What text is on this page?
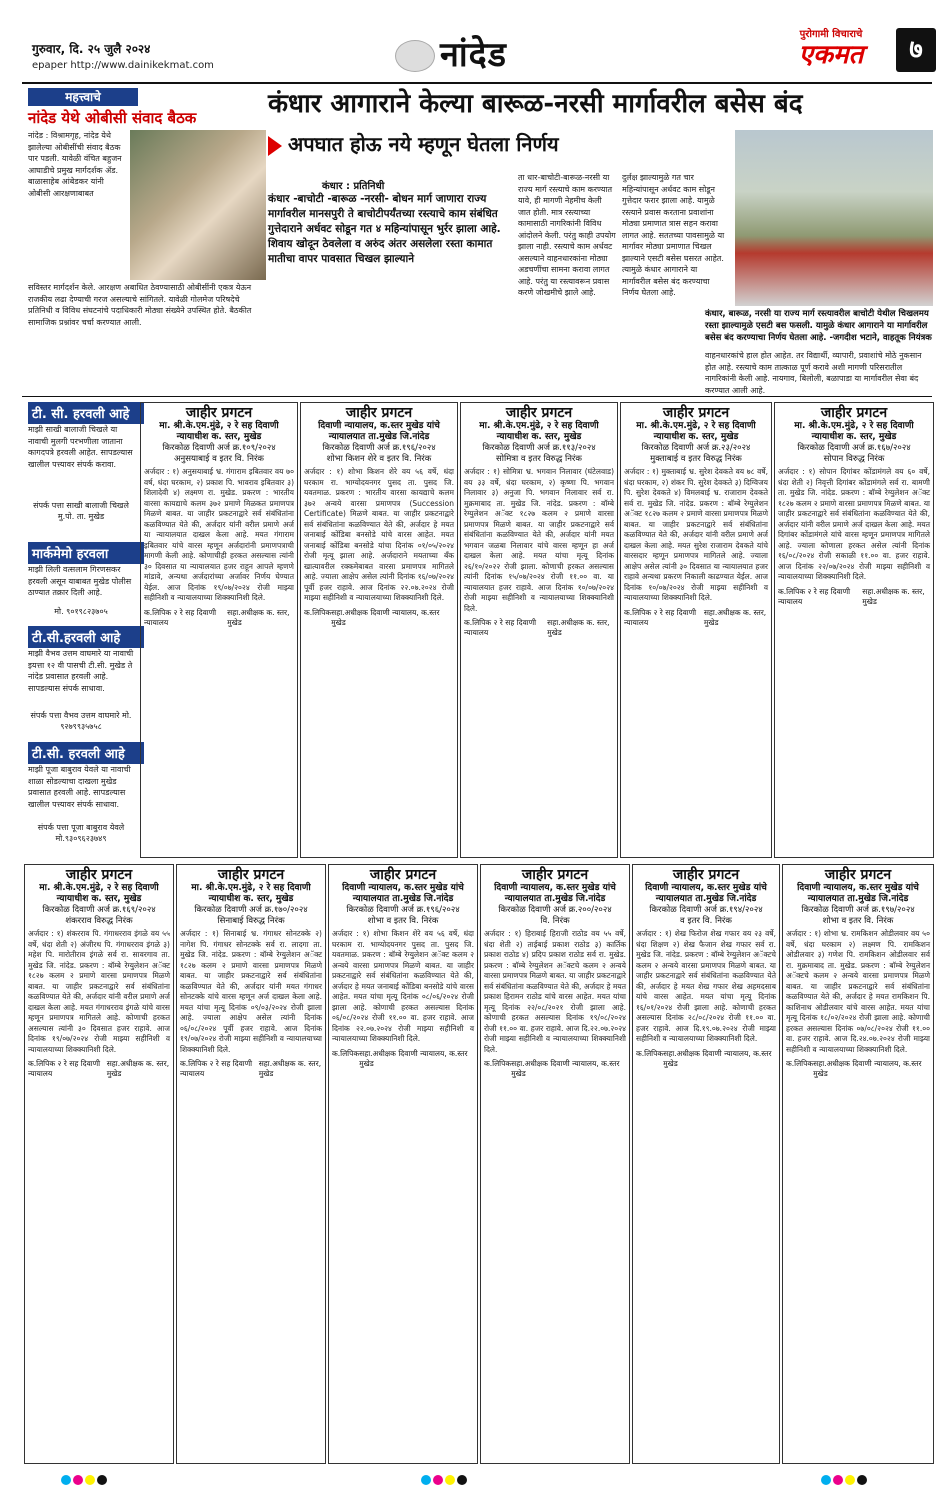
गुरुवार, दि. २५ जुलै २०२४
epaper http://www.dainikekmat.com	नांदेड
पुरोगामी विचाराचे
एकमत	७
महत्त्वाचे
नांदेड येथे ओबीसी संवाद बैठक
नांदेड : विश्रामगृह, नांदेड येथे झालेल्या ओबीसींची संवाद बैठक पार पडली. यावेळी वंचित बहुजन आघाडीचे प्रमुख मार्गदर्शक ॲड. बाळासाहेब आंबेडकर यांनी ओबीसी आरक्षणाबाबत
सविस्तर मार्गदर्शन केले. आरक्षण अबाधित ठेवण्यासाठी ओबीसींनी एकत्र येऊन राजकीय लढा देण्याची गरज असल्याचे सांगितले. यावेळी गोलमेज परिषदेचे प्रतिनिधी व विविध संघटनांचे पदाधिकारी मोठ्या संख्येने उपस्थित होते. बैठकीत सामाजिक प्रश्नांवर चर्चा करण्यात आली.
कंधार आगाराने केल्या बारूळ-नरसी मार्गावरील बसेस बंद
अपघात होऊ नये म्हणून घेतला निर्णय
कंधार : प्रतिनिधी
कंधार -बाचोटी -बारूळ -नरसी- बोधन मार्ग जाणारा राज्य मार्गावरील मानसपुरी ते बाचोटीपर्यंतच्या रस्त्याचे काम संबंधित गुत्तेदाराने अर्धवट सोडून गत ४ महिन्यांपासून भुर्रर झाला आहे. शिवाय खोदून ठेवलेला व अरुंद अंतर असलेला रस्ता कामात मातीचा वापर पावसात चिखल झाल्याने
ता धार-बाचोटी-बारूळ-नरसी या राज्य मार्ग रस्त्याचे काम करण्यात यावे, ही मागणी नेहमीच केली जात होती. मात्र रस्त्याच्या कामासाठी नागरिकांनी विविध आंदोलने केली. परंतु काही उपयोग झाला नाही. रस्त्याचे काम अर्धवट असल्याने वाहनधारकांना मोठ्या अडचणींचा सामना करावा लागत आहे. परंतु या रस्त्यावरून प्रवास करणे जोखमीचे झाले आहे.
दुर्लक्ष झाल्यामुळे गत चार महिन्यांपासून अर्धवट काम सोडून गुत्तेदार फरार झाला आहे. यामुळे रस्त्याने प्रवास करताना प्रवाशांना मोठ्या प्रमाणात त्रास सहन करावा लागत आहे. सततच्या पावसामुळे या मार्गावर मोठ्या प्रमाणात चिखल झाल्याने एसटी बसेस घसरत आहेत. त्यामुळे कंधार आगाराने या मार्गावरील बसेस बंद करण्याचा निर्णय घेतला आहे.
वाहनधारकांचे हाल होत आहेत. तर विद्यार्थी, व्यापारी, प्रवाशांचे मोठे नुकसान होत आहे. रस्त्याचे काम तात्काळ पूर्ण करावे अशी मागणी परिसरातील नागरिकांनी केली आहे. नायगाव, बिलोली, बळापाडा या मार्गावरील सेवा बंद करण्यात आली आहे.
कंधार, बारूळ, नरसी या राज्य मार्ग रस्त्यावरील बाचोटी येथील चिखलमय रस्ता झाल्यामुळे एसटी बस फसली. यामुळे कंधार आगाराने या मार्गावरील बसेस बंद करण्याचा निर्णय घेतला आहे. -जगदीश भटाने, वाहतूक नियंत्रक
टी. सी. हरवली आहे
माझी साखी बालाजी चिखले या नावाची मुलगी परभणीला जाताना कागदपत्रे हरवली आहेत. सापडल्यास खालील पत्त्यावर संपर्क करावा.
संपर्क पत्ता साखी बालाजी चिखले मु.पो. ता. मुखेड
मार्कमेमो हरवला
माझी लिली वत्सलाम गिरणसकर हरवली असून याबाबत मुखेड पोलीस ठाण्यात तक्रार दिली आहे.
मो. ९०१९८२३७०५
टी.सी.हरवली आहे
माझी वैभव उत्तम वाघमारे या नावाची इयत्ता १२ वी पासची टी.सी. मुखेड ते नांदेड प्रवासात हरवली आहे. सापडल्यास संपर्क साधावा.
संपर्क पत्ता वैभव उत्तम वाघमारे मो. ९२७९९३५७५८
टी.सी. हरवली आहे
माझी पूजा बाबुराव येवले या नावाची शाळा सोडल्याचा दाखला मुखेड प्रवासात हरवली आहे. सापडल्यास खालील पत्त्यावर संपर्क साधावा.
संपर्क पत्ता पूजा बाबुराव येवले मो.९३०९६२३७४९
जाहीर प्रगटन
मा. श्री.के.एम.मुंढे, २ रे सह दिवाणी न्यायाधीश क. स्तर, मुखेड
किरकोळ दिवाणी अर्ज क्र.१०९/२०२४
अनुसयाबाई व इतर वि. निरंक
अर्जदार : १) अनुसयाबाई भ्र. गंगाराम इबितवार वय ७० वर्ष, धंदा घरकाम, २) प्रकाश पि. भावराव इबितवार ३) शिलादेवी ४) लक्ष्मण रा. मुखेड. प्रकरण : भारतीय वारसा कायद्याचे कलम ३७२ प्रमाणे मिळकत प्रमाणपत्र मिळणे बाबत. या जाहीर प्रकटनाद्वारे सर्व संबंधितांना कळविण्यात येते की, अर्जदार यांनी वरील प्रमाणे अर्ज या न्यायालयात दाखल केला आहे. मयत गंगाराम इबितवार यांचे वारस म्हणून अर्जदारांनी प्रमाणपत्राची मागणी केली आहे. कोणाचीही हरकत असल्यास त्यांनी ३० दिवसात या न्यायालयात हजर राहून आपले म्हणणे मांडावे, अन्यथा अर्जदारांच्या अर्जावर निर्णय घेण्यात येईल. आज दिनांक १९/०७/२०२४ रोजी माझ्या सहीनिशी व न्यायालयाच्या शिक्क्यानिशी दिले.
क.लिपिक २ रे सह दिवाणी न्यायालय
सहा.अधीक्षक क. स्तर, मुखेड
जाहीर प्रगटन
दिवाणी न्यायालय, क.स्तर मुखेड यांचे न्यायालयात ता.मुखेड जि.नांदेड
किरकोळ दिवाणी अर्ज क्र.१९६/२०२४
शोभा किशन शेरे व इतर वि. निरंक
अर्जदार : १) शोभा किशन शेरे वय ५६ वर्षे, धंदा घरकाम रा. भाग्योदयनगर पुसद ता. पुसद जि. यवतमाळ. प्रकरण : भारतीय वारसा कायद्याचे कलम ३७२ अन्वये वारसा प्रमाणपत्र (Succession Certificate) मिळणे बाबत. या जाहीर प्रकटनाद्वारे सर्व संबंधितांना कळविण्यात येते की, अर्जदार हे मयत जनाबाई कोंडिबा बनसोडे यांचे वारस आहेत. मयत जनाबाई कोंडिबा बनसोडे यांचा दिनांक ०१/०५/२०२४ रोजी मृत्यू झाला आहे. अर्जदाराने मयताच्या बँक खात्यावरील रक्कमेबाबत वारसा प्रमाणपत्र मागितले आहे. ज्याला आक्षेप असेल त्यांनी दिनांक १६/०७/२०२४ पूर्वी हजर राहावे. आज दिनांक २२.०७.२०२४ रोजी माझ्या सहीनिशी व न्यायालयाच्या शिक्क्यानिशी दिले.
क.लिपिक सहा.अधीक्षक दिवाणी न्यायालय, क.स्तर मुखेड
जाहीर प्रगटन
मा. श्री.के.एम.मुंढे, २ रे सह दिवाणी न्यायाधीश क. स्तर, मुखेड
किरकोळ दिवाणी अर्ज क्र.११३/२०२४
सोमित्रा व इतर विरुद्ध निरंक
अर्जदार : १) सोमित्रा भ्र. भगवान निलावार (घंटेलवाड) वय ३३ वर्षे, धंदा घरकाम, २) कृष्णा पि. भगवान निलावार ३) अनुजा पि. भगवान निलावार सर्व रा. मुक्रमाबाद ता. मुखेड जि. नांदेड. प्रकरण : बॉम्बे रेग्युलेशन अॅक्ट १८२७ कलम २ प्रमाणे वारसा प्रमाणपत्र मिळणे बाबत. या जाहीर प्रकटनाद्वारे सर्व संबंधितांना कळविण्यात येते की, अर्जदार यांनी मयत भगवान जळबा निलावार यांचे वारस म्हणून हा अर्ज दाखल केला आहे. मयत यांचा मृत्यू दिनांक २६/१०/२०२२ रोजी झाला. कोणाची हरकत असल्यास त्यांनी दिनांक १५/०७/२०२४ रोजी ११.०० वा. या न्यायालयात हजर राहावे. आज दिनांक १०/०७/२०२४ रोजी माझ्या सहीनिशी व न्यायालयाच्या शिक्क्यानिशी दिले.
क.लिपिक २ रे सह दिवाणी न्यायालय
सहा.अधीक्षक क. स्तर, मुखेड
जाहीर प्रगटन
मा. श्री.के.एम.मुंढे, २ रे सह दिवाणी न्यायाधीश क. स्तर, मुखेड
किरकोळ दिवाणी अर्ज क्र.२३/२०२४
मुक्ताबाई व इतर विरुद्ध निरंक
अर्जदार : १) मुक्ताबाई भ्र. सुरेश देवकते वय ७८ वर्षे, धंदा घरकाम, २) शंकर पि. सुरेश देवकते ३) दिग्विजय पि. सुरेश देवकते ४) विमलबाई भ्र. राजाराम देवकते सर्व रा. मुखेड जि. नांदेड. प्रकरण : बॉम्बे रेग्युलेशन अॅक्ट १८२७ कलम २ प्रमाणे वारसा प्रमाणपत्र मिळणे बाबत. या जाहीर प्रकटनाद्वारे सर्व संबंधितांना कळविण्यात येते की, अर्जदार यांनी वरील प्रमाणे अर्ज दाखल केला आहे. मयत सुरेश राजाराम देवकते यांचे वारसदार म्हणून प्रमाणपत्र मागितले आहे. ज्याला आक्षेप असेल त्यांनी ३० दिवसात या न्यायालयात हजर राहावे अन्यथा प्रकरण निकाली काढण्यात येईल. आज दिनांक १०/०७/२०२४ रोजी माझ्या सहीनिशी व न्यायालयाच्या शिक्क्यानिशी दिले.
क.लिपिक २ रे सह दिवाणी न्यायालय
सहा.अधीक्षक क. स्तर, मुखेड
जाहीर प्रगटन
मा. श्री.के.एम.मुंढे, २ रे सह दिवाणी न्यायाधीश क. स्तर, मुखेड
किरकोळ दिवाणी अर्ज क्र.१६७/२०२४
सोपान विरुद्ध निरंक
अर्जदार : १) सोपान दिगांबर कोंडामंगले वय ६० वर्षे, धंदा शेती २) निवृत्ती दिगांबर कोंडामंगले सर्व रा. बामणी ता. मुखेड जि. नांदेड. प्रकरण : बॉम्बे रेग्युलेशन अॅक्ट १८२७ कलम २ प्रमाणे वारसा प्रमाणपत्र मिळणे बाबत. या जाहीर प्रकटनाद्वारे सर्व संबंधितांना कळविण्यात येते की, अर्जदार यांनी वरील प्रमाणे अर्ज दाखल केला आहे. मयत दिगांबर कोंडामंगले यांचे वारस म्हणून प्रमाणपत्र मागितले आहे. ज्याला कोणाला हरकत असेल त्यांनी दिनांक १६/०८/२०२४ रोजी सकाळी ११.०० वा. हजर राहावे. आज दिनांक २२/०७/२०२४ रोजी माझ्या सहीनिशी व न्यायालयाच्या शिक्क्यानिशी दिले.
क.लिपिक २ रे सह दिवाणी न्यायालय
सहा.अधीक्षक क. स्तर, मुखेड
जाहीर प्रगटन
मा. श्री.के.एम.मुंढे, २ रे सह दिवाणी न्यायाधीश क. स्तर, मुखेड
किरकोळ दिवाणी अर्ज क्र.१६९/२०२४
शंकरराव विरुद्ध निरंक
अर्जदार : १) शंकरराव पि. गंगाधरराव इंगळे वय ५५ वर्षे, धंदा शेती २) अंजीरथ पि. गंगाधरराव इंगळे ३) महेश पि. मारोतीराव इंगळे सर्व रा. सावरगाव ता. मुखेड जि. नांदेड. प्रकरण : बॉम्बे रेग्युलेशन अॅक्ट १८२७ कलम २ प्रमाणे वारसा प्रमाणपत्र मिळणे बाबत. या जाहीर प्रकटनाद्वारे सर्व संबंधितांना कळविण्यात येते की, अर्जदार यांनी वरील प्रमाणे अर्ज दाखल केला आहे. मयत गंगाधरराव इंगळे यांचे वारस म्हणून प्रमाणपत्र मागितले आहे. कोणाची हरकत असल्यास त्यांनी ३० दिवसात हजर राहावे. आज दिनांक १९/०७/२०२४ रोजी माझ्या सहीनिशी व न्यायालयाच्या शिक्क्यानिशी दिले.
क.लिपिक २ रे सह दिवाणी न्यायालय
सहा.अधीक्षक क. स्तर, मुखेड
जाहीर प्रगटन
मा. श्री.के.एम.मुंढे, २ रे सह दिवाणी न्यायाधीश क. स्तर, मुखेड
किरकोळ दिवाणी अर्ज क्र.१७०/२०२४
सिनाबाई विरुद्ध निरंक
अर्जदार : १) सिनाबाई भ्र. गंगाधर सोनटक्के २) नागेश पि. गंगाधर सोनटक्के सर्व रा. लादगा ता. मुखेड जि. नांदेड. प्रकरण : बॉम्बे रेग्युलेशन अॅक्ट १८२७ कलम २ प्रमाणे वारसा प्रमाणपत्र मिळणे बाबत. या जाहीर प्रकटनाद्वारे सर्व संबंधितांना कळविण्यात येते की, अर्जदार यांनी मयत गंगाधर सोनटक्के यांचे वारस म्हणून अर्ज दाखल केला आहे. मयत यांचा मृत्यू दिनांक ०९/०३/२०२४ रोजी झाला आहे. ज्याला आक्षेप असेल त्यांनी दिनांक ०६/०८/२०२४ पूर्वी हजर राहावे. आज दिनांक १९/०७/२०२४ रोजी माझ्या सहीनिशी व न्यायालयाच्या शिक्क्यानिशी दिले.
क.लिपिक २ रे सह दिवाणी न्यायालय
सहा.अधीक्षक क. स्तर, मुखेड
जाहीर प्रगटन
दिवाणी न्यायालय, क.स्तर मुखेड यांचे न्यायालयात ता.मुखेड जि.नांदेड
किरकोळ दिवाणी अर्ज क्र.१९६/२०२४
शोभा व इतर वि. निरंक
अर्जदार : १) शोभा किशन शेरे वय ५६ वर्षे, धंदा घरकाम रा. भाग्योदयनगर पुसद ता. पुसद जि. यवतमाळ. प्रकरण : बॉम्बे रेग्युलेशन अॅक्ट कलम २ अन्वये वारसा प्रमाणपत्र मिळणे बाबत. या जाहीर प्रकटनाद्वारे सर्व संबंधितांना कळविण्यात येते की, अर्जदार हे मयत जनाबाई कोंडिबा बनसोडे यांचे वारस आहेत. मयत यांचा मृत्यू दिनांक ०८/०६/२०२४ रोजी झाला आहे. कोणाची हरकत असल्यास दिनांक ०६/०८/२०२४ रोजी ११.०० वा. हजर राहावे. आज दिनांक २२.०७.२०२४ रोजी माझ्या सहीनिशी व न्यायालयाच्या शिक्क्यानिशी दिले.
क.लिपिक सहा.अधीक्षक दिवाणी न्यायालय, क.स्तर मुखेड
जाहीर प्रगटन
दिवाणी न्यायालय, क.स्तर मुखेड यांचे न्यायालयात ता.मुखेड जि.नांदेड
किरकोळ दिवाणी अर्ज क्र.२००/२०२४
वि. निरंक
अर्जदार : १) हिराबाई हिराजी राठोड वय ५५ वर्षे, धंदा शेती २) ताईबाई प्रकाश राठोड ३) कार्तिक प्रकाश राठोड ४) प्रदिप प्रकाश राठोड सर्व रा. मुखेड. प्रकरण : बॉम्बे रेग्युलेशन अॅक्टचे कलम २ अन्वये वारसा प्रमाणपत्र मिळणे बाबत. या जाहीर प्रकटनाद्वारे सर्व संबंधितांना कळविण्यात येते की, अर्जदार हे मयत प्रकाश हिरामन राठोड यांचे वारस आहेत. मयत यांचा मृत्यू दिनांक २२/०८/२०२१ रोजी झाला आहे. कोणाची हरकत असल्यास दिनांक १९/०८/२०२४ रोजी ११.०० वा. हजर राहावे. आज दि.२२.०७.२०२४ रोजी माझ्या सहीनिशी व न्यायालयाच्या शिक्क्यानिशी दिले.
क.लिपिक सहा.अधीक्षक दिवाणी न्यायालय, क.स्तर मुखेड
जाहीर प्रगटन
दिवाणी न्यायालय, क.स्तर मुखेड यांचे न्यायालयात ता.मुखेड जि.नांदेड
किरकोळ दिवाणी अर्ज क्र.१९४/२०२४
व इतर वि. निरंक
अर्जदार : १) शेख फिरोज शेख गफार वय २३ वर्षे, धंदा शिक्षण २) शेख फैजान शेख गफार सर्व रा. मुखेड जि. नांदेड. प्रकरण : बॉम्बे रेग्युलेशन अॅक्टचे कलम २ अन्वये वारसा प्रमाणपत्र मिळणे बाबत. या जाहीर प्रकटनाद्वारे सर्व संबंधितांना कळविण्यात येते की, अर्जदार हे मयत शेख गफार शेख अहमदसाब यांचे वारस आहेत. मयत यांचा मृत्यू दिनांक १६/०१/२०२४ रोजी झाला आहे. कोणाची हरकत असल्यास दिनांक २८/०८/२०२४ रोजी ११.०० वा. हजर राहावे. आज दि.१९.०७.२०२४ रोजी माझ्या सहीनिशी व न्यायालयाच्या शिक्क्यानिशी दिले.
क.लिपिक सहा.अधीक्षक दिवाणी न्यायालय, क.स्तर मुखेड
जाहीर प्रगटन
दिवाणी न्यायालय, क.स्तर मुखेड यांचे न्यायालयात ता.मुखेड जि.नांदेड
किरकोळ दिवाणी अर्ज क्र.१९७/२०२४
शोभा व इतर वि. निरंक
अर्जदार : १) शोभा भ्र. रामकिशन ओडीलवार वय ५० वर्षे, धंदा घरकाम २) लक्ष्मण पि. रामकिशन ओडीलवार ३) गणेश पि. रामकिशन ओडीलवार सर्व रा. मुक्रमाबाद ता. मुखेड. प्रकरण : बॉम्बे रेग्युलेशन अॅक्टचे कलम २ अन्वये वारसा प्रमाणपत्र मिळणे बाबत. या जाहीर प्रकटनाद्वारे सर्व संबंधितांना कळविण्यात येते की, अर्जदार हे मयत रामकिशन पि. काशिनाथ ओडीलवार यांचे वारस आहेत. मयत यांचा मृत्यू दिनांक १८/०२/२०२४ रोजी झाला आहे. कोणाची हरकत असल्यास दिनांक ०७/०८/२०२४ रोजी ११.०० वा. हजर राहावे. आज दि.२४.०७.२०२४ रोजी माझ्या सहीनिशी व न्यायालयाच्या शिक्क्यानिशी दिले.
क.लिपिक सहा.अधीक्षक दिवाणी न्यायालय, क.स्तर मुखेड
